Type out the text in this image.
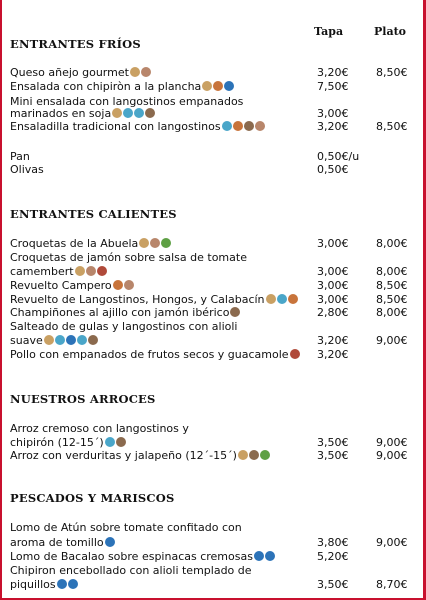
Tapa	Plato
ENTRANTES FRÍOS
Queso añejo gourmet	3,20€	8,50€
Ensalada con chipiròn a la plancha	7,50€
Mini ensalada con langostinos empanados
marinados en soja	3,00€
Ensaladilla tradicional con langostinos	3,20€	8,50€
Pan	0,50€/u
Olivas	0,50€
ENTRANTES CALIENTES
Croquetas de la Abuela	3,00€	8,00€
Croquetas de jamón sobre salsa de tomate
camembert	3,00€	8,00€
Revuelto Campero	3,00€	8,50€
Revuelto de Langostinos, Hongos, y Calabacín	3,00€	8,50€
Champiñones al ajillo con jamón ibérico	2,80€	8,00€
Salteado de gulas y langostinos con alioli
suave	3,20€	9,00€
Pollo con empanados de frutos secos y guacamole	3,20€
NUESTROS ARROCES
Arroz cremoso con langostinos y
chipirón (12-15´)	3,50€	9,00€
Arroz con verduritas y jalapeño (12´-15´)	3,50€	9,00€
PESCADOS Y MARISCOS
Lomo de Atún sobre tomate confitado con
aroma de tomillo	3,80€	9,00€
Lomo de Bacalao sobre espinacas cremosas	5,20€
Chipiron encebollado con alioli templado de
piquillos	3,50€	8,70€
